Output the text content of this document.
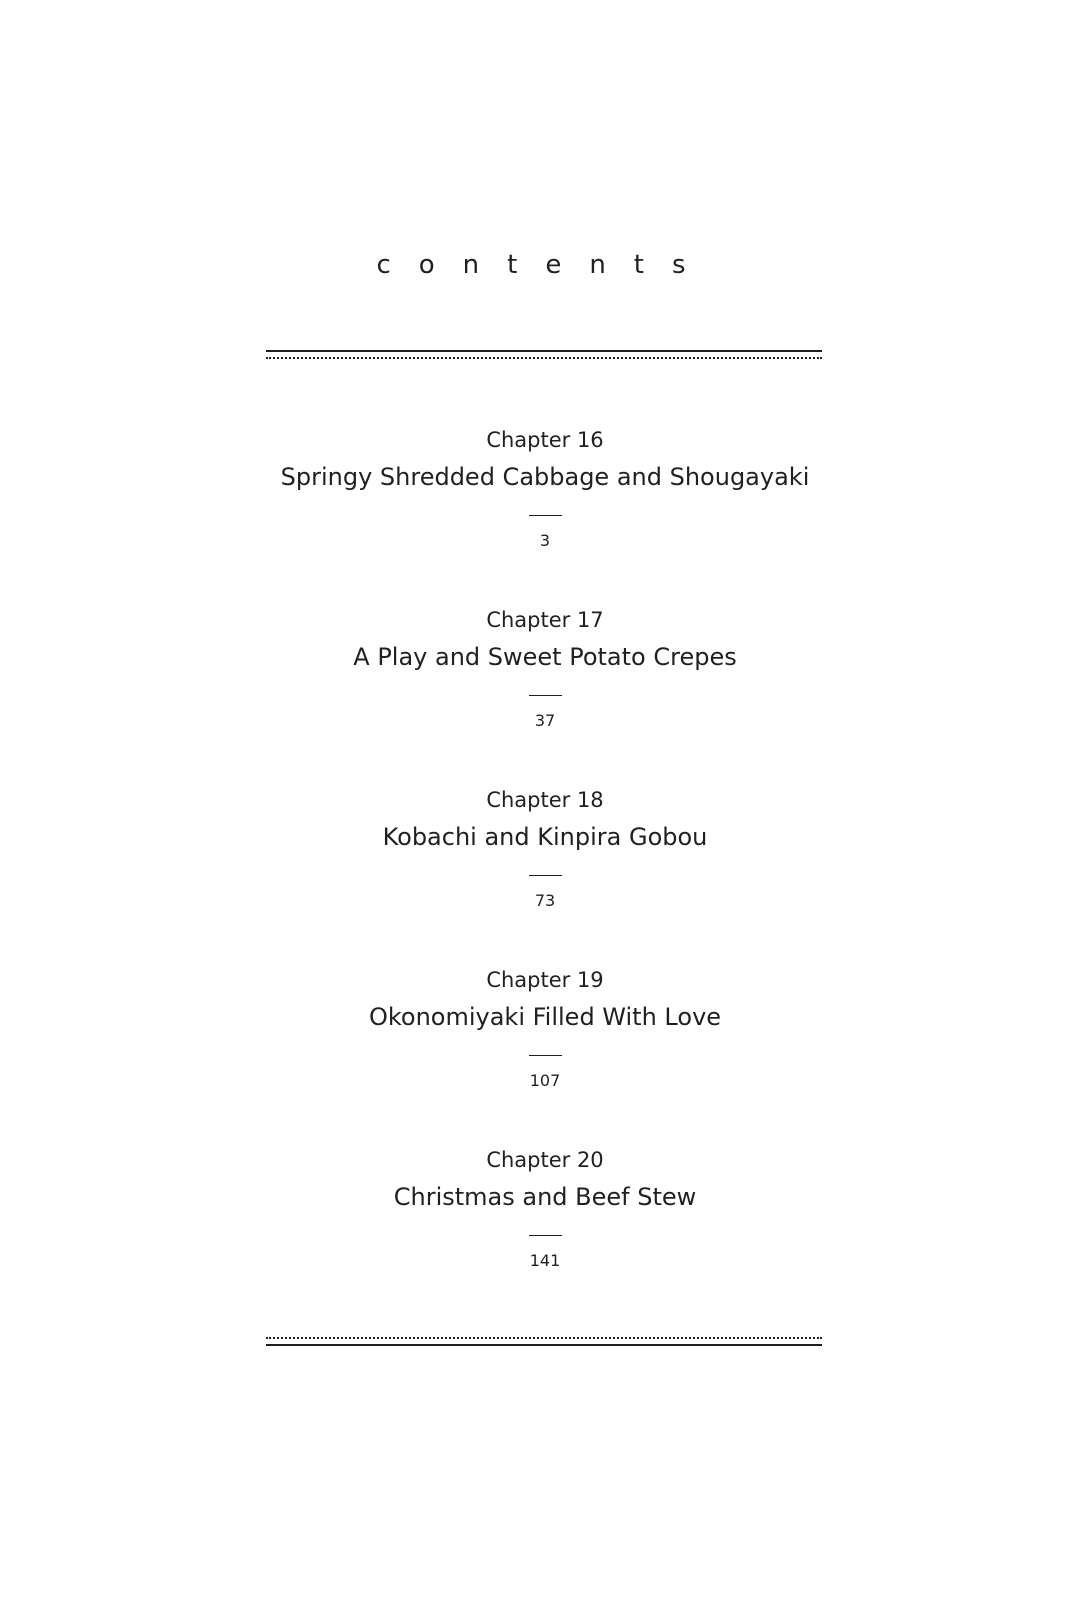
contents
Chapter 16
Springy Shredded Cabbage and Shougayaki
3
Chapter 17
A Play and Sweet Potato Crepes
37
Chapter 18
Kobachi and Kinpira Gobou
73
Chapter 19
Okonomiyaki Filled With Love
107
Chapter 20
Christmas and Beef Stew
141
